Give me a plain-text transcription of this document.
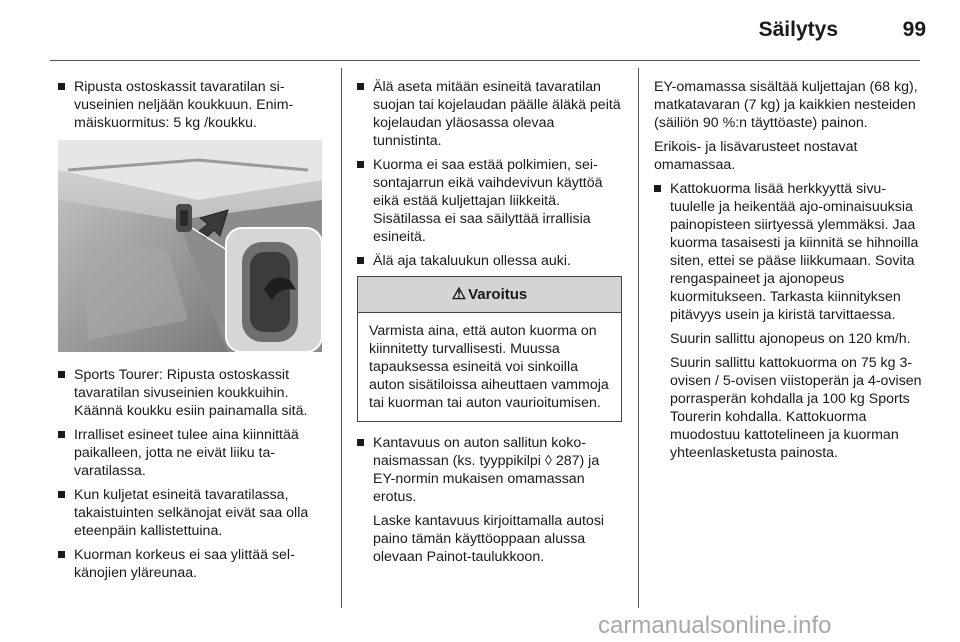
Säilytys	99

Ripusta ostoskassit tavaratilan sivuseinien neljään koukkuun. Enimmäiskuormitus: 5 kg /koukku.

Sports Tourer: Ripusta ostoskassit tavaratilan sivuseinien koukkuihin. Käännä koukku esiin painamalla sitä.

Irralliset esineet tulee aina kiinnittää paikalleen, jotta ne eivät liiku tavaratilassa.

Kun kuljetat esineitä tavaratilassa, takaistuinten selkänojat eivät saa olla eteenpäin kallistettuina.

Kuorman korkeus ei saa ylittää selkänojien yläreunaa.

Älä aseta mitään esineitä tavaratilan suojan tai kojelaudan päälle äläkä peitä kojelaudan yläosassa olevaa tunnistinta.

Kuorma ei saa estää polkimien, seisontajarrun eikä vaihdevivun käyttöä eikä estää kuljettajan liikkeitä. Sisätilassa ei saa säilyttää irrallisia esineitä.

Älä aja takaluukun ollessa auki.

⚠ Varoitus
Varmista aina, että auton kuorma on kiinnitetty turvallisesti. Muussa tapauksessa esineitä voi sinkoilla auton sisätiloissa aiheuttaen vammoja tai kuorman tai auton vaurioitumisen.

Kantavuus on auton sallitun kokonaismassan (ks. tyyppikilpi ◊ 287) ja EY-normin mukaisen omamassan erotus.

Laske kantavuus kirjoittamalla autosi paino tämän käyttöoppaan alussa olevaan Painot-taulukkoon.

EY-omamassa sisältää kuljettajan (68 kg), matkatavaran (7 kg) ja kaikkien nesteiden (säiliön 90 %:n täyttöaste) painon.

Erikois- ja lisävarusteet nostavat omamassaa.

Kattokuorma lisää herkkyyttä sivutuulelle ja heikentää ajo-ominaisuuksia painopisteen siirtyessä ylemmäksi. Jaa kuorma tasaisesti ja kiinnitä se hihnoilla siten, ettei se pääse liikkumaan. Sovita rengaspaineet ja ajonopeus kuormitukseen. Tarkasta kiinnityksen pitävyys usein ja kiristä tarvittaessa.

Suurin sallittu ajonopeus on 120 km/h.

Suurin sallittu kattokuorma on 75 kg 3-ovisen / 5-ovisen viistoperän ja 4-ovisen porrasperän kohdalla ja 100 kg Sports Tourerin kohdalla. Kattokuorma muodostuu kattotelineen ja kuorman yhteenlasketusta painosta.

carmanualsonline.info
